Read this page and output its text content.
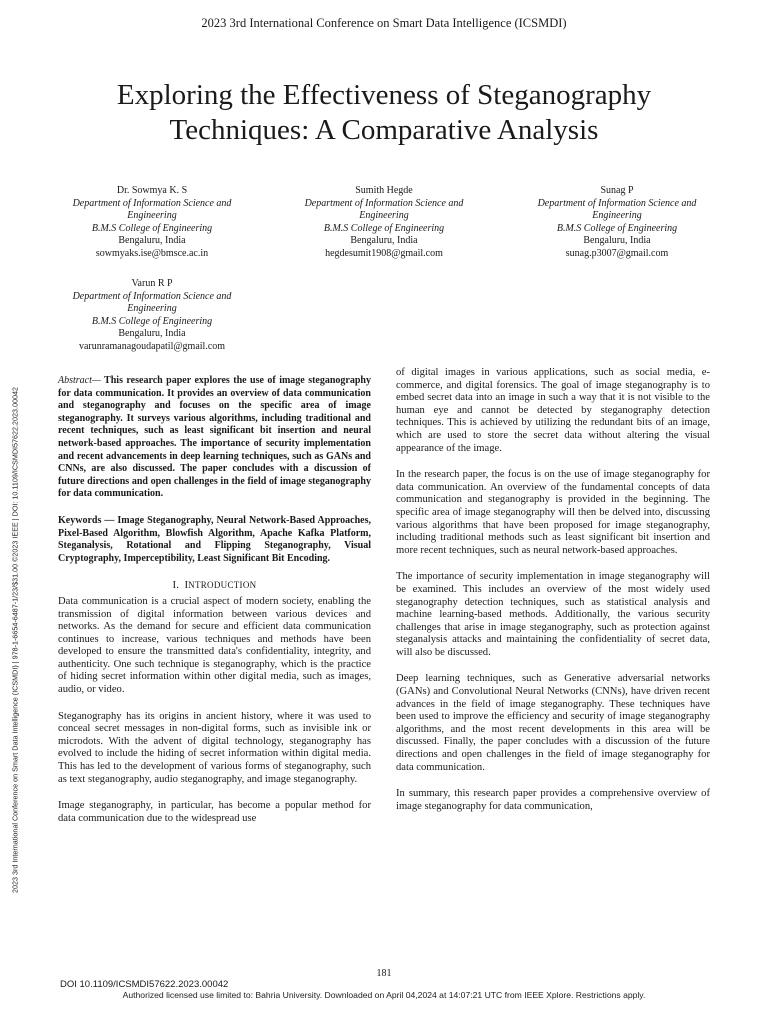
2023 3rd International Conference on Smart Data Intelligence (ICSMDI) | 978-1-6654-6487-1/23/$31.00 ©2023 IEEE | DOI: 10.1109/ICSMDI57622.2023.00042
2023 3rd International Conference on Smart Data Intelligence (ICSMDI)
Exploring the Effectiveness of Steganography
Techniques: A Comparative Analysis
Dr. Sowmya K. S
Department of Information Science and Engineering
B.M.S College of Engineering
Bengaluru, India
sowmyaks.ise@bmsce.ac.in
Sumith Hegde
Department of Information Science and Engineering
B.M.S College of Engineering
Bengaluru, India
hegdesumit1908@gmail.com
Sunag P
Department of Information Science and Engineering
B.M.S College of Engineering
Bengaluru, India
sunag.p3007@gmail.com
Varun R P
Department of Information Science and Engineering
B.M.S College of Engineering
Bengaluru, India
varunramanagoudapatil@gmail.com

Abstract— This research paper explores the use of image steganography for data communication. It provides an overview of data communication and steganography and focuses on the specific area of image steganography. It surveys various algorithms, including traditional and recent techniques, such as least significant bit insertion and neural network-based approaches. The importance of security implementation and recent advancements in deep learning techniques, such as GANs and CNNs, are also discussed. The paper concludes with a discussion of future directions and open challenges in the field of image steganography for data communication.

Keywords — Image Steganography, Neural Network-Based Approaches, Pixel-Based Algorithm, Blowfish Algorithm, Apache Kafka Platform, Steganalysis, Rotational and Flipping Steganography, Visual Cryptography, Imperceptibility, Least Significant Bit Encoding.

I. INTRODUCTION

Data communication is a crucial aspect of modern society, enabling the transmission of digital information between various devices and networks. As the demand for secure and efficient data communication continues to increase, various techniques and methods have been developed to ensure the transmitted data's confidentiality, integrity, and authenticity. One such technique is steganography, which is the practice of hiding secret information within other digital media, such as images, audio, or video.

Steganography has its origins in ancient history, where it was used to conceal secret messages in non-digital forms, such as invisible ink or microdots. With the advent of digital technology, steganography has evolved to include the hiding of secret information within digital media. This has led to the development of various forms of steganography, such as text steganography, audio steganography, and image steganography.

Image steganography, in particular, has become a popular method for data communication due to the widespread use

of digital images in various applications, such as social media, e-commerce, and digital forensics. The goal of image steganography is to embed secret data into an image in such a way that it is not visible to the human eye and cannot be detected by steganography detection techniques. This is achieved by utilizing the redundant bits of an image, which are used to store the secret data without altering the visual appearance of the image.

In the research paper, the focus is on the use of image steganography for data communication. An overview of the fundamental concepts of data communication and steganography is provided in the beginning. The specific area of image steganography will then be delved into, discussing various algorithms that have been proposed for image steganography, including traditional methods such as least significant bit insertion and more recent techniques, such as neural network-based approaches.

The importance of security implementation in image steganography will be examined. This includes an overview of the most widely used steganography detection techniques, such as statistical analysis and machine learning-based methods. Additionally, the various security challenges that arise in image steganography, such as protection against steganalysis attacks and maintaining the confidentiality of secret data, will also be discussed.

Deep learning techniques, such as Generative adversarial networks (GANs) and Convolutional Neural Networks (CNNs), have driven recent advances in the field of image steganography. These techniques have been used to improve the efficiency and security of image steganography algorithms, and the most recent developments in this area will be discussed. Finally, the paper concludes with a discussion of the future directions and open challenges in the field of image steganography for data communication.

In summary, this research paper provides a comprehensive overview of image steganography for data communication,

181
DOI 10.1109/ICSMDI57622.2023.00042
Authorized licensed use limited to: Bahria University. Downloaded on April 04,2024 at 14:07:21 UTC from IEEE Xplore. Restrictions apply.
